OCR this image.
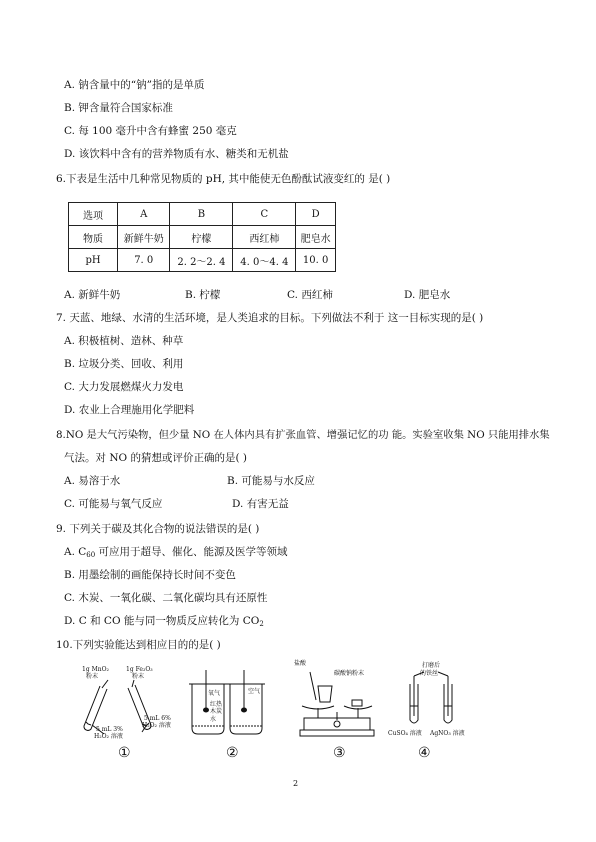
A. 钠含量中的“钠”指的是单质
B. 钾含量符合国家标准
C. 每 100 毫升中含有蜂蜜 250 毫克
D. 该饮料中含有的营养物质有水、糖类和无机盐
6.下表是生活中几种常见物质的 pH, 其中能使无色酚酞试液变红的 是( )
选项	A	B	C	D
物质	新鲜牛奶	柠檬	西红柿	肥皂水
pH	7. 0	2. 2～2. 4	4. 0～4. 4	10. 0
A. 新鲜牛奶	B. 柠檬	C. 西红柿	D. 肥皂水
7. 天蓝、地绿、水清的生活环境，是人类追求的目标。下列做法不利于 这一目标实现的是( )
A. 积极植树、造林、种草
B. 垃圾分类、回收、利用
C. 大力发展燃煤火力发电
D. 农业上合理施用化学肥料
8.NO 是大气污染物，但少量 NO 在人体内具有扩张血管、增强记忆的功 能。实验室收集 NO 只能用排水集
气法。对 NO 的猜想或评价正确的是( )
A. 易溶于水	B. 可能易与水反应
C. 可能易与氧气反应	D. 有害无益
9. 下列关于碳及其化合物的说法错误的是( )
A. $C_{60}$ 可应用于超导、催化、能源及医学等领域
B. 用墨绘制的画能保持长时间不变色
C. 木炭、一氧化碳、二氧化碳均具有还原性
D. C 和 CO 能与同一物质反应转化为 $CO_2$
10.下列实验能达到相应目的的是( )
1g MnO₂
粉末
1g Fe₂O₃
粉末
5 mL 3%
H₂O₂ 溶液
5 mL 6%
H₂O₂ 溶液
①
氧气
红热
木炭
水
空气
②
盐酸
碳酸钠粉末
③
打磨后
的铁丝
CuSO₄ 溶液 AgNO₃ 溶液
④
2
